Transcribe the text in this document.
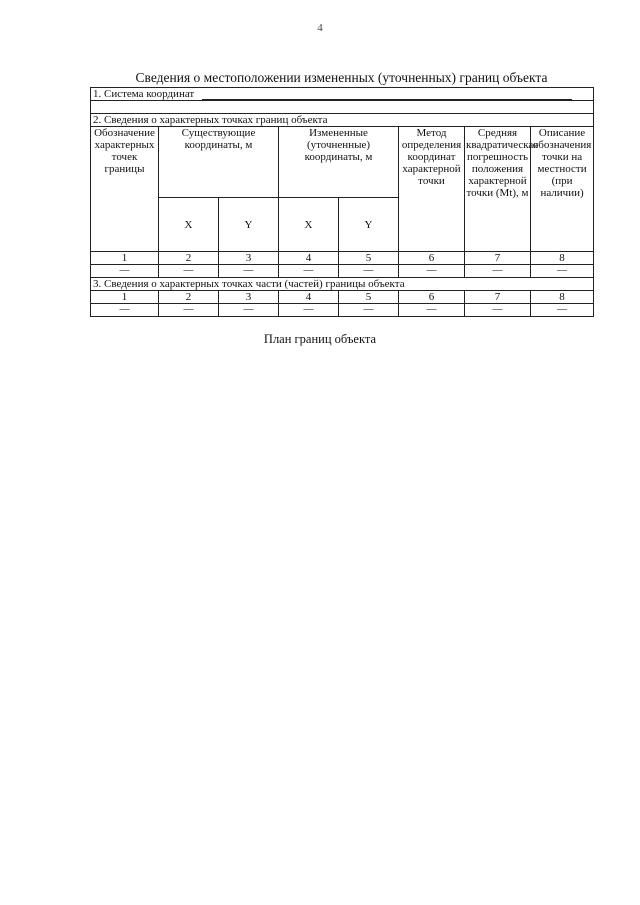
4
Сведения о местоположении измененных (уточненных) границ объекта
1. Система координат							

2. Сведения о характерных точках границ объекта							
Обозначение характерных точек границы	Существующие координаты, м		Измененные (уточненные) координаты, м		Метод определения координат характерной точки	Средняя квадратическая погрешность положения характерной точки (Mt), м	Описание обозначения точки на местности (при наличии)
	X	Y	X	Y			
1	2	3	4	5	6	7	8
—	—	—	—	—	—	—	—
3. Сведения о характерных точках части (частей) границы объекта							
1	2	3	4	5	6	7	8
—	—	—	—	—	—	—	—
План границ объекта
